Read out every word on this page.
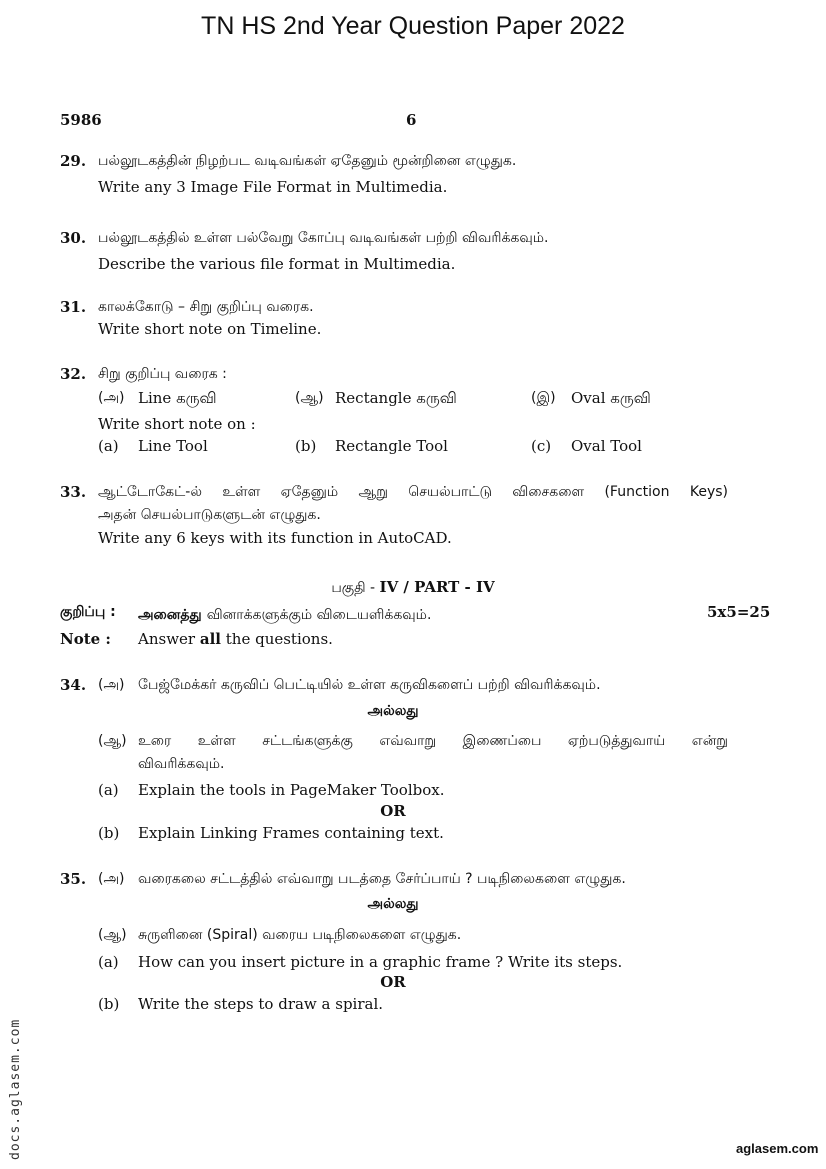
TN HS 2nd Year Question Paper 2022
5986	6
29. பல்லூடகத்தின் நிழற்பட வடிவங்கள் ஏதேனும் மூன்றினை எழுதுக.
Write any 3 Image File Format in Multimedia.
30. பல்லூடகத்தில் உள்ள பல்வேறு கோப்பு வடிவங்கள் பற்றி விவரிக்கவும்.
Describe the various file format in Multimedia.
31. காலக்கோடு – சிறு குறிப்பு வரைக.
Write short note on Timeline.
32. சிறு குறிப்பு வரைக :
(அ) Line கருவி	(ஆ) Rectangle கருவி	(இ) Oval கருவி
Write short note on :
(a) Line Tool	(b) Rectangle Tool	(c) Oval Tool
33. ஆட்டோகேட்-ல் உள்ள ஏதேனும் ஆறு செயல்பாட்டு விசைகளை (Function Keys)
அதன் செயல்பாடுகளுடன் எழுதுக.
Write any 6 keys with its function in AutoCAD.
பகுதி - IV / PART - IV
குறிப்பு : அனைத்து வினாக்களுக்கும் விடையளிக்கவும்.	5x5=25
Note : Answer all the questions.
34. (அ) பேஜ்மேக்கர் கருவிப் பெட்டியில் உள்ள கருவிகளைப் பற்றி விவரிக்கவும்.
அல்லது
(ஆ) உரை உள்ள சட்டங்களுக்கு எவ்வாறு இணைப்பை ஏற்படுத்துவாய் என்று
விவரிக்கவும்.
(a) Explain the tools in PageMaker Toolbox.
OR
(b) Explain Linking Frames containing text.
35. (அ) வரைகலை சட்டத்தில் எவ்வாறு படத்தை சேர்ப்பாய் ? படிநிலைகளை எழுதுக.
அல்லது
(ஆ) சுருளினை (Spiral) வரைய படிநிலைகளை எழுதுக.
(a) How can you insert picture in a graphic frame ? Write its steps.
OR
(b) Write the steps to draw a spiral.
docs.aglasem.com	aglasem.com
